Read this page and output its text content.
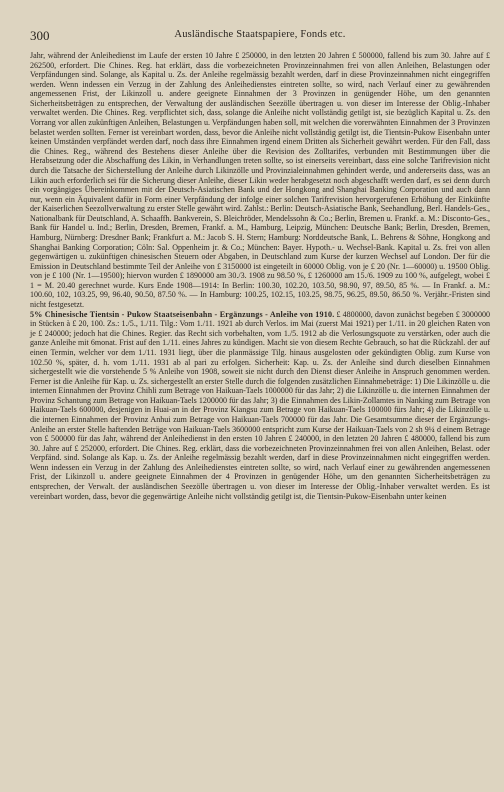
300	Ausländische Staatspapiere, Fonds etc.

Jahr, während der Anleihedienst im Laufe der ersten 10 Jahre £ 250000, in den letzten 20 Jahren £ 500000, fallend bis zum 30. Jahre auf £ 262500, erfordert. Die Chines. Reg. hat erklärt, dass die vorbezeichneten Provinzeinnahmen frei von allen Anleihen, Belastungen oder Verpfändungen sind. Solange, als Kapital u. Zs. der Anleihe regelmässig bezahlt werden, darf in diese Provinzeinnahmen nicht eingegriffen werden. Wenn indessen ein Verzug in der Zahlung des Anleihedienstes eintreten sollte, so wird, nach Verlauf einer zu gewährenden angemessenen Frist, der Likinzoll u. andere geeignete Einnahmen der 3 Provinzen in genügender Höhe, um den genannten Sicherheitsbeträgen zu entsprechen, der Verwaltung der ausländischen Seezölle übertragen u. von dieser im Interesse der Oblig.-Inhaber verwaltet werden. Die Chines. Reg. verpflichtet sich, dass, solange die Anleihe nicht vollständig getilgt ist, sie bezüglich Kapital u. Zs. den Vorrang vor allen zukünftigen Anleihen, Belastungen u. Verpfändungen haben soll, mit welchen die vorerwähnten Einnahmen der 3 Provinzen belastet werden sollten. Ferner ist vereinbart worden, dass, bevor die Anleihe nicht vollständig getilgt ist, die Tientsin-Pukow Eisenbahn unter keinen Umständen verpfändet werden darf, noch dass ihre Einnahmen irgend einem Dritten als Sicherheit gewährt werden. Für den Fall, dass die Chines. Reg., während des Bestehens dieser Anleihe über die Revision des Zolltarifes, verbunden mit Bestimmungen über die Herabsetzung oder die Abschaffung des Likin, in Verhandlungen treten sollte, so ist einerseits vereinbart, dass eine solche Tarifrevision nicht durch die Tatsache der Sicherstellung der Anleihe durch Likinzölle und Provinzialeinnahmen gehindert werde, und andererseits dass, was an Likin auch erforderlich sei für die Sicherung dieser Anleihe, dieser Likin weder herabgesetzt noch abgeschafft werden darf, es sei denn durch ein vorgängiges Übereinkommen mit der Deutsch-Asiatischen Bank und der Hongkong and Shanghai Banking Corporation und auch dann nur, wenn ein Äquivalent dafür in Form einer Verpfändung der infolge einer solchen Tarifrevision hervorgerufenen Erhöhung der Einkünfte der Kaiserlichen Seezollverwaltung zu erster Stelle gewährt wird. Zahlst.: Berlin: Deutsch-Asiatische Bank, Seehandlung, Berl. Handels-Ges., Nationalbank für Deutschland, A. Schaaffh. Bankverein, S. Bleichröder, Mendelssohn & Co.; Berlin, Bremen u. Frankf. a. M.: Disconto-Ges., Bank für Handel u. Ind.; Berlin, Dresden, Bremen, Frankf. a. M., Hamburg, Leipzig, München: Deutsche Bank; Berlin, Dresden, Bremen, Hamburg, Nürnberg: Dresdner Bank; Frankfurt a. M.: Jacob S. H. Stern; Hamburg: Norddeutsche Bank, L. Behrens & Söhne, Hongkong and Shanghai Banking Corporation; Cöln: Sal. Oppenheim jr. & Co.; München: Bayer. Hypoth.- u. Wechsel-Bank. Kapital u. Zs. frei von allen gegenwärtigen u. zukünftigen chinesischen Steuern oder Abgaben, in Deutschland zum Kurse der kurzen Wechsel auf London. Der für die Emission in Deutschland bestimmte Teil der Anleihe von £ 3150000 ist eingeteilt in 60000 Oblig. von je £ 20 (Nr. 1—60000) u. 19500 Oblig. von je £ 100 (Nr. 1—19500); hiervon wurden £ 1890000 am 30./3. 1908 zu 98.50 %, £ 1260000 am 15./6. 1909 zu 100 %, aufgelegt, wobei £ 1 = M. 20.40 gerechnet wurde. Kurs Ende 1908—1914: In Berlin: 100.30, 102.20, 103.50, 98.90, 97, 89.50, 85 %. — In Frankf. a. M.: 100.60, 102, 103.25, 99, 96.40, 90.50, 87.50 %. — In Hamburg: 100.25, 102.15, 103.25, 98.75, 96.25, 89.50, 86.50 %. Verjähr.-Fristen sind nicht festgesetzt.

5% Chinesische Tientsin - Pukow Staatseisenbahn - Ergänzungs - Anleihe von 1910. £ 4800000, davon zunächst begeben £ 3000000 in Stücken à £ 20, 100. Zs.: 1./5., 1./11. Tilg.: Vom 1./11. 1921 ab durch Verlos. im Mai (zuerst Mai 1921) per 1./11. in 20 gleichen Raten von je £ 240000; jedoch hat die Chines. Regier. das Recht sich vorbehalten, vom 1./5. 1912 ab die Verlosungsquote zu verstärken, oder auch die ganze Anleihe mit 6monat. Frist auf den 1./11. eines Jahres zu kündigen. Macht sie von diesem Rechte Gebrauch, so hat die Rückzahl. der auf einen Termin, welcher vor dem 1./11. 1931 liegt, über die planmässige Tilg. hinaus ausgelosten oder gekündigten Oblig. zum Kurse von 102.50 %, später, d. h. vom 1./11. 1931 ab al pari zu erfolgen. Sicherheit: Kap. u. Zs. der Anleihe sind durch dieselben Einnahmen sichergestellt wie die vorstehende 5 % Anleihe von 1908, soweit sie nicht durch den Dienst dieser Anleihe in Anspruch genommen werden. Ferner ist die Anleihe für Kap. u. Zs. sichergestellt an erster Stelle durch die folgenden zusätzlichen Einnahmebeträge: 1) Die Likinzölle u. die internen Einnahmen der Provinz Chihli zum Betrage von Haikuan-Taels 1000000 für das Jahr; 2) die Likinzölle u. die internen Einnahmen der Provinz Schantung zum Betrage von Haikuan-Taels 1200000 für das Jahr; 3) die Einnahmen des Likin-Zollamtes in Nanking zum Betrage von Haikuan-Taels 600000, desjenigen in Huai-an in der Provinz Kiangsu zum Betrage von Haikuan-Taels 100000 fürs Jahr; 4) die Likinzölle u. die internen Einnahmen der Provinz Anhui zum Betrage von Haikuan-Taels 700000 für das Jahr. Die Gesamtsumme dieser der Ergänzungs-Anleihe an erster Stelle haftenden Beträge von Haikuan-Taels 3600000 entspricht zum Kurse der Haikuan-Taels von 2 sh 9¼ d einem Betrage von £ 500000 für das Jahr, während der Anleihedienst in den ersten 10 Jahren £ 240000, in den letzten 20 Jahren £ 480000, fallend bis zum 30. Jahre auf £ 252000, erfordert. Die Chines. Reg. erklärt, dass die vorbezeichneten Provinzeinnahmen frei von allen Anleihen, Belast. oder Verpfänd. sind. Solange als Kap. u. Zs. der Anleihe regelmässig bezahlt werden, darf in diese Provinzeinnahmen nicht eingegriffen werden. Wenn indessen ein Verzug in der Zahlung des Anleihedienstes eintreten sollte, so wird, nach Verlauf einer zu gewährenden angemessenen Frist, der Likinzoll u. andere geeignete Einnahmen der 4 Provinzen in genügender Höhe, um den genannten Sicherheitsbeträgen zu entsprechen, der Verwalt. der ausländischen Seezölle übertragen u. von dieser im Interesse der Oblig.-Inhaber verwaltet werden. Es ist vereinbart worden, dass, bevor die gegenwärtige Anleihe nicht vollständig getilgt ist, die Tientsin-Pukow-Eisenbahn unter keinen
